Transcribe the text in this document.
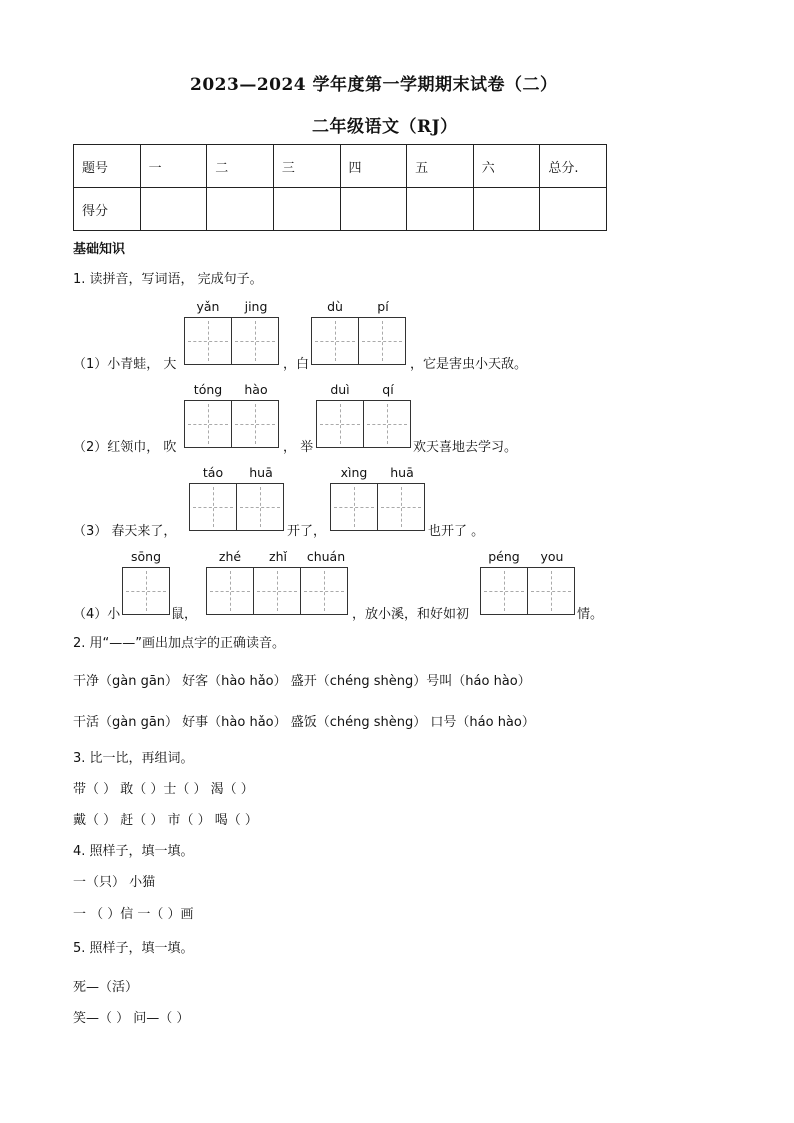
2023—2024 学年度第一学期期末试卷（二）
二年级语文（RJ）
题号	一	二	三	四	五	六	总分.
得分							
基础知识
1. 读拼音，写词语， 完成句子。
yǎn	jing	dù	pí
（1）小青蛙， 大	，白	，它是害虫小天敌。
tóng	hào	duì	qí
（2）红领巾， 吹	， 举	欢天喜地去学习。
táo	huā	xìng	huā
（3） 春天来了，	开了，	也开了 。
sōng	zhé	zhǐ	chuán	péng	you
（4）小	鼠，	，放小溪，和好如初	情。
2. 用“——”画出加点字的正确读音。
干净（gàn gān） 好客（hào hǎo） 盛开（chéng shèng）号叫（háo hào）
干活（gàn gān） 好事（hào hǎo） 盛饭（chéng shèng） 口号（háo hào）
3. 比一比，再组词。
带（ ） 敢（ ）士（ ） 渴（ ）
戴（ ） 赶（ ） 市（ ） 喝（ ）
4. 照样子，填一填。
一（只） 小猫
一 （ ）信 一（ ）画
5. 照样子，填一填。
死—（活）
笑—（ ） 问—（ ）
